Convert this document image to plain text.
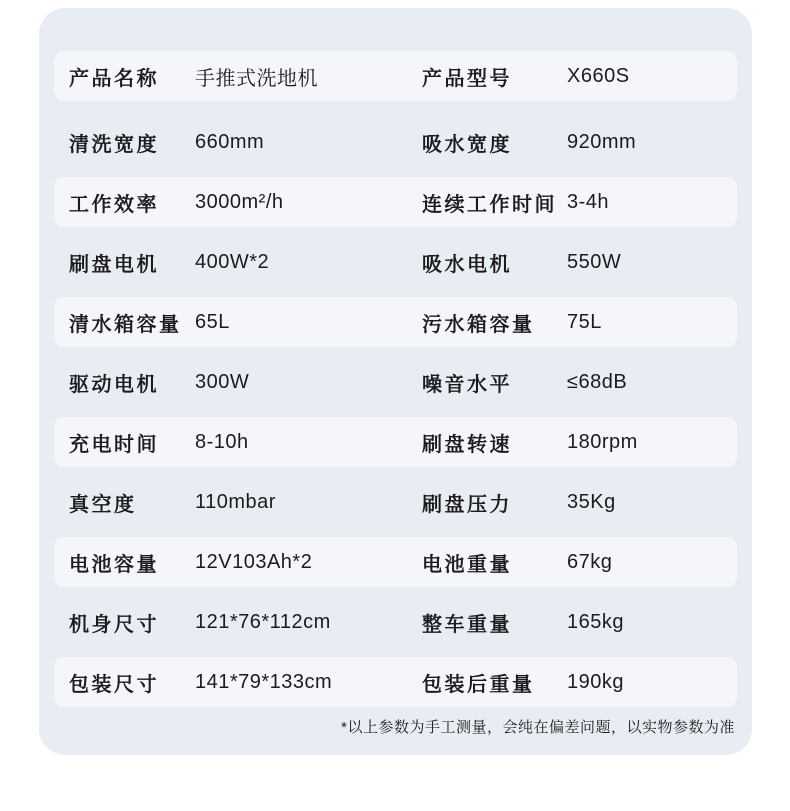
产品名称	手推式洗地机	产品型号	X660S
清洗宽度	660mm	吸水宽度	920mm
工作效率	3000m²/h	连续工作时间 3-4h
刷盘电机	400W*2	吸水电机	550W
清水箱容量 65L	污水箱容量	75L
驱动电机	300W	噪音水平	≤68dB
充电时间	8-10h	刷盘转速	180rpm
真空度	110mbar	刷盘压力	35Kg
电池容量	12V103Ah*2	电池重量	67kg
机身尺寸	121*76*112cm	整车重量	165kg
包装尺寸	141*79*133cm	包装后重量	190kg
*以上参数为手工测量，会纯在偏差问题，以实物参数为准
